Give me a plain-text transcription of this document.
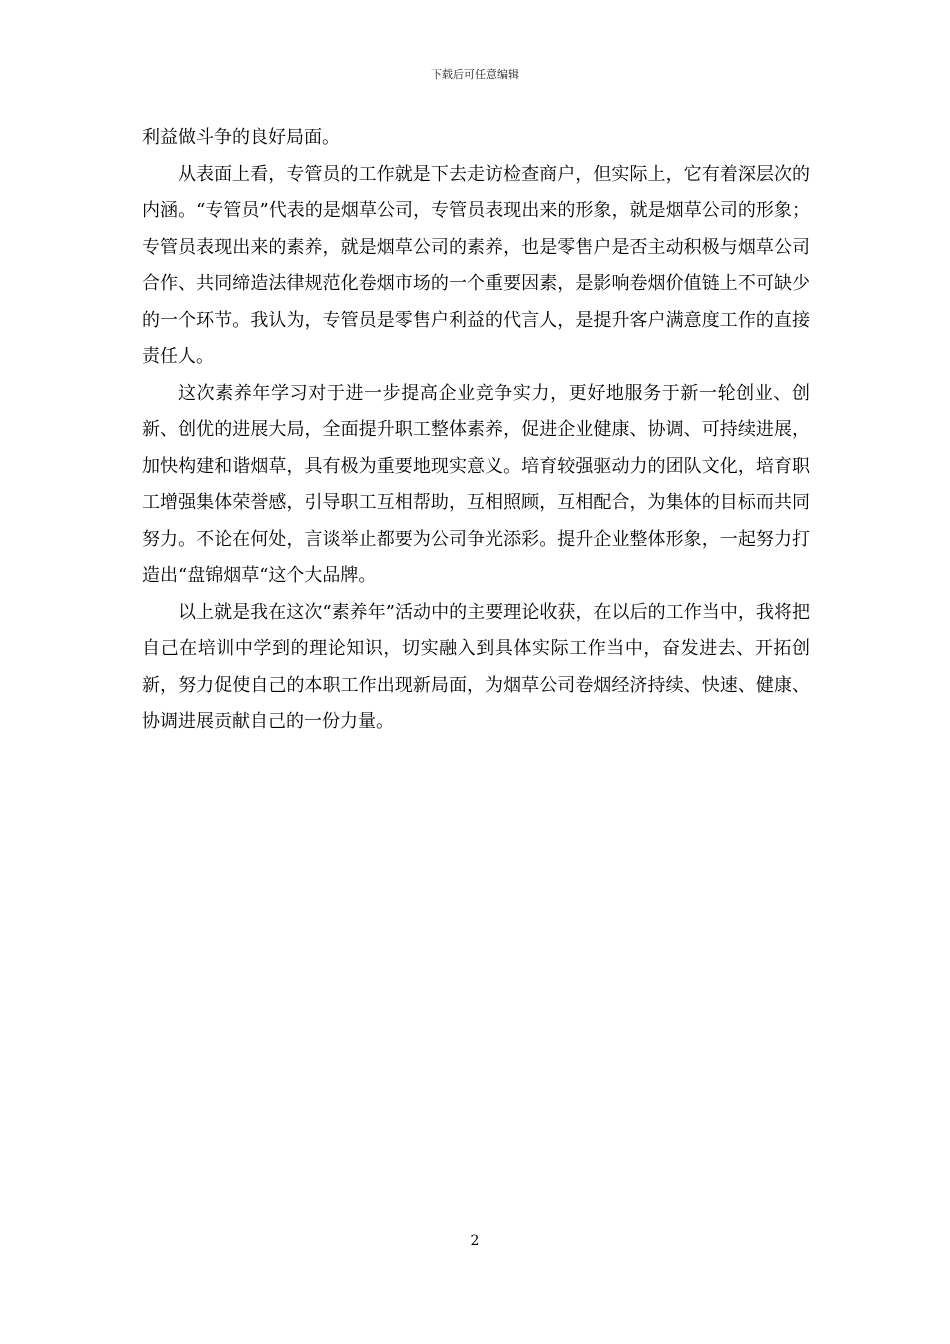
下载后可任意编辑

利益做斗争的良好局面。

从表面上看，专管员的工作就是下去走访检查商户，但实际上，它有着深层次的内涵。“专管员”代表的是烟草公司，专管员表现出来的形象，就是烟草公司的形象；专管员表现出来的素养，就是烟草公司的素养，也是零售户是否主动积极与烟草公司合作、共同缔造法律规范化卷烟市场的一个重要因素，是影响卷烟价值链上不可缺少的一个环节。我认为，专管员是零售户利益的代言人，是提升客户满意度工作的直接责任人。

这次素养年学习对于进一步提高企业竞争实力，更好地服务于新一轮创业、创新、创优的进展大局，全面提升职工整体素养，促进企业健康、协调、可持续进展，加快构建和谐烟草，具有极为重要地现实意义。培育较强驱动力的团队文化，培育职工增强集体荣誉感，引导职工互相帮助，互相照顾，互相配合，为集体的目标而共同努力。不论在何处，言谈举止都要为公司争光添彩。提升企业整体形象，一起努力打造出“盘锦烟草“这个大品牌。

以上就是我在这次“素养年”活动中的主要理论收获，在以后的工作当中，我将把自己在培训中学到的理论知识，切实融入到具体实际工作当中，奋发进去、开拓创新，努力促使自己的本职工作出现新局面，为烟草公司卷烟经济持续、快速、健康、协调进展贡献自己的一份力量。

2
